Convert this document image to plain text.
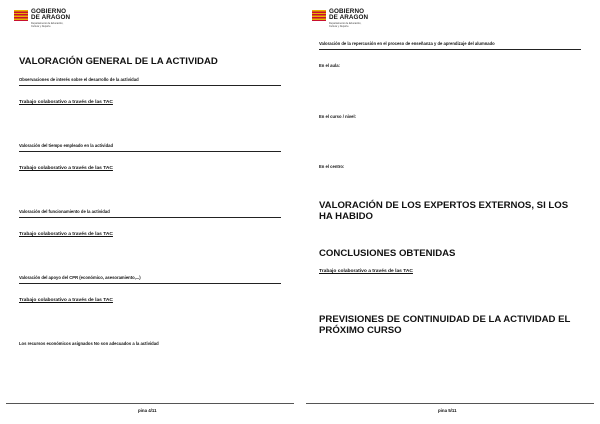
GOBIERNO
DE ARAGON
Departamento de Educación,
Cultura y Deporte
VALORACIÓN GENERAL DE LA ACTIVIDAD
Observaciones de interés sobre el desarrollo de la actividad
Trabajo colaborativo a través de las TAC
Valoración del tiempo empleado en la actividad
Trabajo colaborativo a través de las TAC
Valoración del funcionamiento de la actividad
Trabajo colaborativo a través de las TAC
Valoración del apoyo del CPR (económico, asesoramiento,...)
Trabajo colaborativo a través de las TAC
Los recursos económicos asignados No son adecuados a la actividad
pina 4/11
GOBIERNO
DE ARAGON
Departamento de Educación,
Cultura y Deporte
Valoración de la repercusión en el proceso de enseñanza y de aprendizaje del alumnado
En el aula:
En el curso / nivel:
En el centro:
VALORACIÓN DE LOS EXPERTOS EXTERNOS, SI LOS HA HABIDO
CONCLUSIONES OBTENIDAS
Trabajo colaborativo a través de las TAC
PREVISIONES DE CONTINUIDAD DE LA ACTIVIDAD EL PRÓXIMO CURSO
pina 5/11
